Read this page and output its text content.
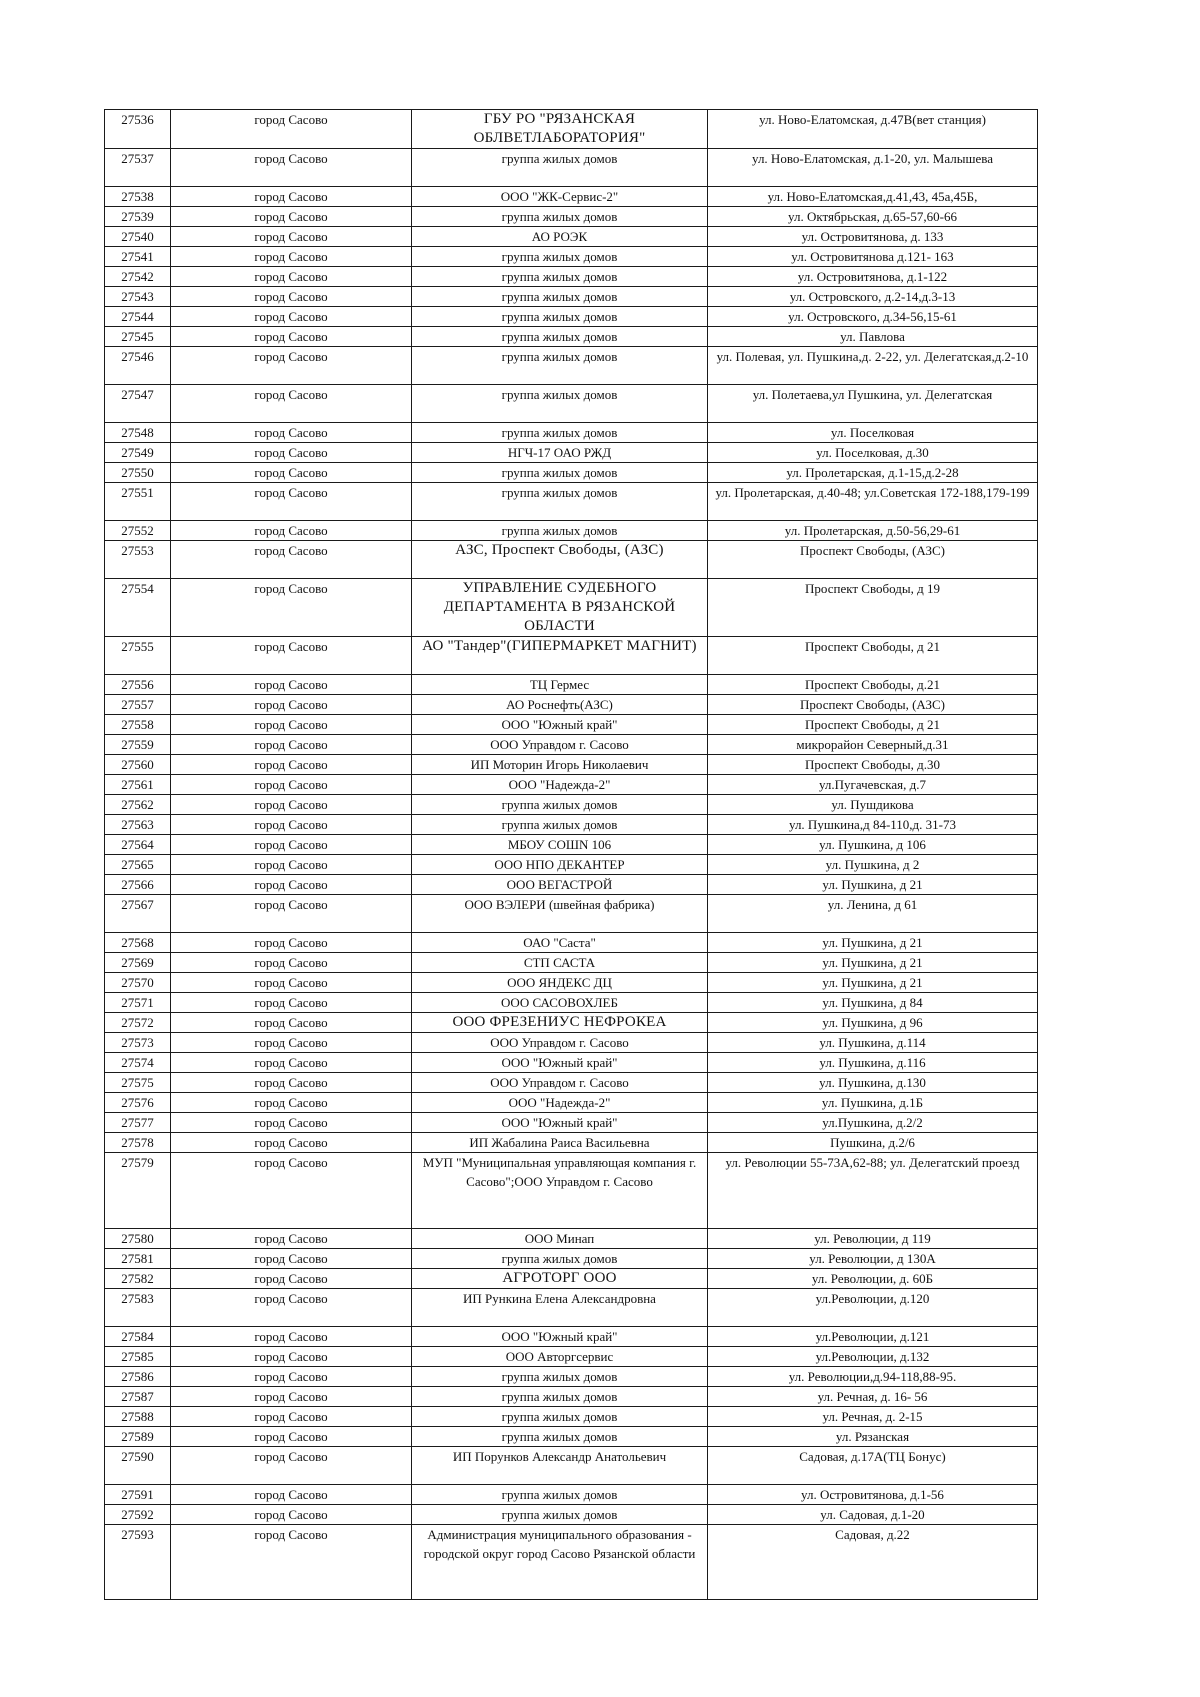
27536	город Сасово	ГБУ РО "РЯЗАНСКАЯ ОБЛВЕТЛАБОРАТОРИЯ"	ул. Ново-Елатомская, д.47В(вет станция)
27537	город Сасово	группа жилых домов	ул. Ново-Елатомская, д.1-20, ул. Малышева
27538	город Сасово	ООО "ЖК-Сервис-2"	ул. Ново-Елатомская,д.41,43, 45а,45Б,
27539	город Сасово	группа жилых домов	ул. Октябрьская, д.65-57,60-66
27540	город Сасово	АО РОЭК	ул. Островитянова, д. 133
27541	город Сасово	группа жилых домов	ул. Островитянова д.121- 163
27542	город Сасово	группа жилых домов	ул. Островитянова, д.1-122
27543	город Сасово	группа жилых домов	ул. Островского, д.2-14,д.3-13
27544	город Сасово	группа жилых домов	ул. Островского, д.34-56,15-61
27545	город Сасово	группа жилых домов	ул. Павлова
27546	город Сасово	группа жилых домов	ул. Полевая, ул. Пушкина,д. 2-22, ул. Делегатская,д.2-10
27547	город Сасово	группа жилых домов	ул. Полетаева,ул Пушкина, ул. Делегатская
27548	город Сасово	группа жилых домов	ул. Поселковая
27549	город Сасово	НГЧ-17 ОАО РЖД	ул. Поселковая, д.30
27550	город Сасово	группа жилых домов	ул. Пролетарская, д.1-15,д.2-28
27551	город Сасово	группа жилых домов	ул. Пролетарская, д.40-48; ул.Советская 172-188,179-199
27552	город Сасово	группа жилых домов	ул. Пролетарская, д.50-56,29-61
27553	город Сасово	АЗС, Проспект Свободы, (АЗС)	Проспект Свободы, (АЗС)
27554	город Сасово	УПРАВЛЕНИЕ СУДЕБНОГО ДЕПАРТАМЕНТА В РЯЗАНСКОЙ ОБЛАСТИ	Проспект Свободы, д 19
27555	город Сасово	АО "Тандер"(ГИПЕРМАРКЕТ МАГНИТ)	Проспект Свободы, д 21
27556	город Сасово	ТЦ Гермес	Проспект Свободы, д.21
27557	город Сасово	АО Роснефть(АЗС)	Проспект Свободы, (АЗС)
27558	город Сасово	ООО "Южный край"	Проспект Свободы, д 21
27559	город Сасово	ООО Управдом г. Сасово	микрорайон Северный,д.31
27560	город Сасово	ИП Моторин Игорь Николаевич	Проспект Свободы, д.30
27561	город Сасово	ООО "Надежда-2"	ул.Пугачевская, д.7
27562	город Сасово	группа жилых домов	ул. Пушдикова
27563	город Сасово	группа жилых домов	ул. Пушкина,д 84-110,д. 31-73
27564	город Сасово	МБОУ СОШN 106	ул. Пушкина, д 106
27565	город Сасово	ООО НПО ДЕКАНТЕР	ул. Пушкина, д 2
27566	город Сасово	ООО ВЕГАСТРОЙ	ул. Пушкина, д 21
27567	город Сасово	ООО ВЭЛЕРИ (швейная фабрика)	ул. Ленина, д 61
27568	город Сасово	ОАО "Саста"	ул. Пушкина, д 21
27569	город Сасово	СТП САСТА	ул. Пушкина, д 21
27570	город Сасово	ООО ЯНДЕКС ДЦ	ул. Пушкина, д 21
27571	город Сасово	ООО САСОВОХЛЕБ	ул. Пушкина, д 84
27572	город Сасово	ООО ФРЕЗЕНИУС НЕФРОКЕА	ул. Пушкина, д 96
27573	город Сасово	ООО Управдом г. Сасово	ул. Пушкина, д.114
27574	город Сасово	ООО "Южный край"	ул. Пушкина, д.116
27575	город Сасово	ООО Управдом г. Сасово	ул. Пушкина, д.130
27576	город Сасово	ООО "Надежда-2"	ул. Пушкина, д.1Б
27577	город Сасово	ООО "Южный край"	ул.Пушкина, д.2/2
27578	город Сасово	ИП Жабалина Раиса Васильевна	Пушкина, д.2/6
27579	город Сасово	МУП "Муниципальная управляющая компания г. Сасово";ООО Управдом г. Сасово	ул. Революции 55-73А,62-88; ул. Делегатский проезд
27580	город Сасово	ООО Минап	ул. Революции, д 119
27581	город Сасово	группа жилых домов	ул. Революции, д 130А
27582	город Сасово	АГРОТОРГ ООО	ул. Революции, д. 60Б
27583	город Сасово	ИП Рункина Елена Александровна	ул.Революции, д.120
27584	город Сасово	ООО "Южный край"	ул.Революции, д.121
27585	город Сасово	ООО Авторгсервис	ул.Революции, д.132
27586	город Сасово	группа жилых домов	ул. Революции,д.94-118,88-95.
27587	город Сасово	группа жилых домов	ул. Речная, д. 16- 56
27588	город Сасово	группа жилых домов	ул. Речная, д. 2-15
27589	город Сасово	группа жилых домов	ул. Рязанская
27590	город Сасово	ИП Порунков Александр Анатольевич	Садовая, д.17А(ТЦ Бонус)
27591	город Сасово	группа жилых домов	ул. Островитянова, д.1-56
27592	город Сасово	группа жилых домов	ул. Садовая, д.1-20
27593	город Сасово	Администрация муниципального образования - городской округ город Сасово Рязанской области	Садовая, д.22
